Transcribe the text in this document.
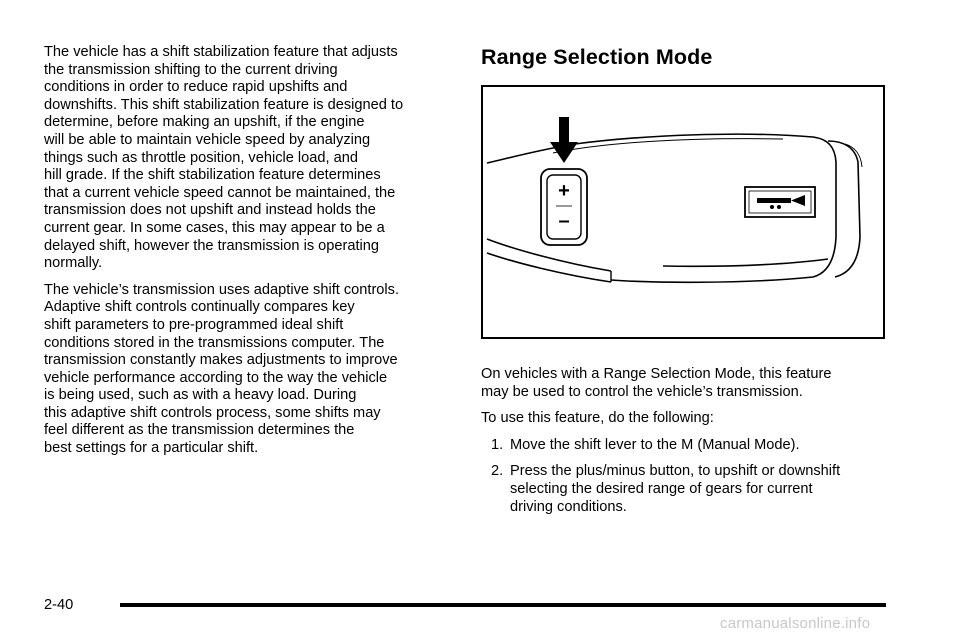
The vehicle has a shift stabilization feature that adjusts
the transmission shifting to the current driving
conditions in order to reduce rapid upshifts and
downshifts. This shift stabilization feature is designed to
determine, before making an upshift, if the engine
will be able to maintain vehicle speed by analyzing
things such as throttle position, vehicle load, and
hill grade. If the shift stabilization feature determines
that a current vehicle speed cannot be maintained, the
transmission does not upshift and instead holds the
current gear. In some cases, this may appear to be a
delayed shift, however the transmission is operating
normally.

The vehicle’s transmission uses adaptive shift controls.
Adaptive shift controls continually compares key
shift parameters to pre-programmed ideal shift
conditions stored in the transmissions computer. The
transmission constantly makes adjustments to improve
vehicle performance according to the way the vehicle
is being used, such as with a heavy load. During
this adaptive shift controls process, some shifts may
feel different as the transmission determines the
best settings for a particular shift.

Range Selection Mode
+
–

On vehicles with a Range Selection Mode, this feature
may be used to control the vehicle’s transmission.

To use this feature, do the following:

1. Move the shift lever to the M (Manual Mode).
2. Press the plus/minus button, to upshift or downshift
selecting the desired range of gears for current
driving conditions.
2-40
carmanualsonline.info
